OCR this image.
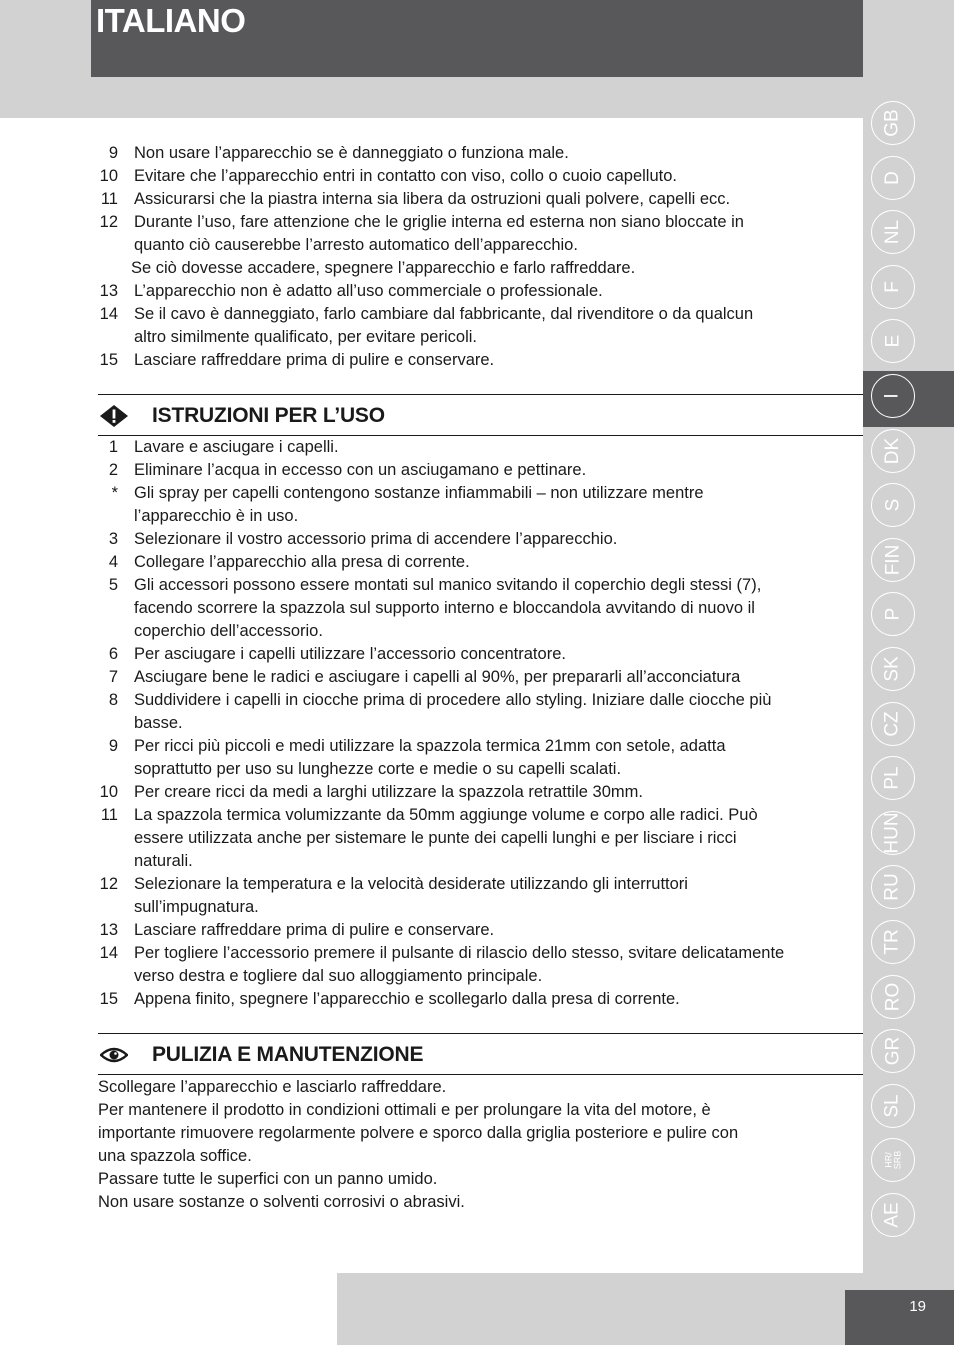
ITALIANO
19
9 Non usare l’apparecchio se è danneggiato o funziona male.
10 Evitare che l’apparecchio entri in contatto con viso, collo o cuoio capelluto.
11 Assicurarsi che la piastra interna sia libera da ostruzioni quali polvere, capelli ecc.
12 Durante l’uso, fare attenzione che le griglie interna ed esterna non siano bloccate in
quanto ciò causerebbe l’arresto automatico dell’apparecchio.
Se ciò dovesse accadere, spegnere l’apparecchio e farlo raffreddare.
13 L’apparecchio non è adatto all’uso commerciale o professionale.
14 Se il cavo è danneggiato, farlo cambiare dal fabbricante, dal rivenditore o da qualcun
altro similmente qualificato, per evitare pericoli.
15 Lasciare raffreddare prima di pulire e conservare.
ISTRUZIONI PER L’USO
1 Lavare e asciugare i capelli.
2 Eliminare l’acqua in eccesso con un asciugamano e pettinare.
* Gli spray per capelli contengono sostanze infiammabili – non utilizzare mentre
l’apparecchio è in uso.
3 Selezionare il vostro accessorio prima di accendere l’apparecchio.
4 Collegare l’apparecchio alla presa di corrente.
5 Gli accessori possono essere montati sul manico svitando il coperchio degli stessi (7),
facendo scorrere la spazzola sul supporto interno e bloccandola avvitando di nuovo il
coperchio dell’accessorio.
6 Per asciugare i capelli utilizzare l’accessorio concentratore.
7 Asciugare bene le radici e asciugare i capelli al 90%, per prepararli all’acconciatura
8 Suddividere i capelli in ciocche prima di procedere allo styling. Iniziare dalle ciocche più
basse.
9 Per ricci più piccoli e medi utilizzare la spazzola termica 21mm con setole, adatta
soprattutto per uso su lunghezze corte e medie o su capelli scalati.
10 Per creare ricci da medi a larghi utilizzare la spazzola retrattile 30mm.
11 La spazzola termica volumizzante da 50mm aggiunge volume e corpo alle radici. Può
essere utilizzata anche per sistemare le punte dei capelli lunghi e per lisciare i ricci
naturali.
12 Selezionare la temperatura e la velocità desiderate utilizzando gli interruttori
sull’impugnatura.
13 Lasciare raffreddare prima di pulire e conservare.
14 Per togliere l’accessorio premere il pulsante di rilascio dello stesso, svitare delicatamente
verso destra e togliere dal suo alloggiamento principale.
15 Appena finito, spegnere l’apparecchio e scollegarlo dalla presa di corrente.
PULIZIA E MANUTENZIONE
Scollegare l’apparecchio e lasciarlo raffreddare.
Per mantenere il prodotto in condizioni ottimali e per prolungare la vita del motore, è
importante rimuovere regolarmente polvere e sporco dalla griglia posteriore e pulire con
una spazzola soffice.
Passare tutte le superfici con un panno umido.
Non usare sostanze o solventi corrosivi o abrasivi.
GB
D
NL
F
E
I
DK
S
FIN
P
SK
CZ
PL
HUN
RU
TR
RO
GR
SL
HR/
SRB
AE
